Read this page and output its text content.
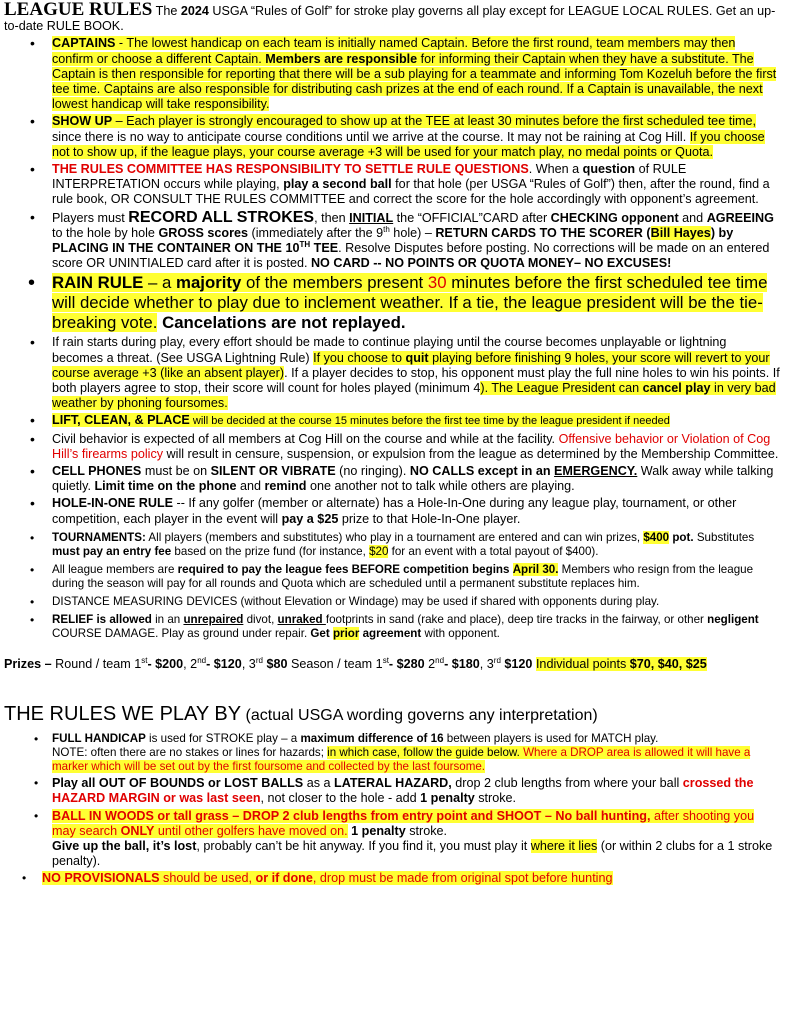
LEAGUE RULES The 2024 USGA “Rules of Golf” for stroke play governs all play except for LEAGUE LOCAL RULES. Get an up-to-date RULE BOOK.
• CAPTAINS - The lowest handicap on each team is initially named Captain. Before the first round, team members may then confirm or choose a different Captain. Members are responsible for informing their Captain when they have a substitute. The Captain is then responsible for reporting that there will be a sub playing for a teammate and informing Tom Kozeluh before the first tee time. Captains are also responsible for distributing cash prizes at the end of each round. If a Captain is unavailable, the next lowest handicap will take responsibility.
• SHOW UP – Each player is strongly encouraged to show up at the TEE at least 30 minutes before the first scheduled tee time, since there is no way to anticipate course conditions until we arrive at the course. It may not be raining at Cog Hill. If you choose not to show up, if the league plays, your course average +3 will be used for your match play, no medal points or Quota.
• THE RULES COMMITTEE HAS RESPONSIBILITY TO SETTLE RULE QUESTIONS. When a question of RULE INTERPRETATION occurs while playing, play a second ball for that hole (per USGA “Rules of Golf”) then, after the round, find a rule book, OR CONSULT THE RULES COMMITTEE and correct the score for the hole accordingly with opponent’s agreement.
• Players must RECORD ALL STROKES, then INITIAL the “OFFICIAL”CARD after CHECKING opponent and AGREEING to the hole by hole GROSS scores (immediately after the 9th hole) – RETURN CARDS TO THE SCORER (Bill Hayes) by PLACING IN THE CONTAINER ON THE 10TH TEE. Resolve Disputes before posting. No corrections will be made on an entered score OR UNINTIALED card after it is posted. NO CARD -- NO POINTS OR QUOTA MONEY– NO EXCUSES!
• RAIN RULE – a majority of the members present 30 minutes before the first scheduled tee time will decide whether to play due to inclement weather. If a tie, the league president will be the tie-breaking vote. Cancelations are not replayed.
• If rain starts during play, every effort should be made to continue playing until the course becomes unplayable or lightning becomes a threat. (See USGA Lightning Rule) If you choose to quit playing before finishing 9 holes, your score will revert to your course average +3 (like an absent player). If a player decides to stop, his opponent must play the full nine holes to win his points. If both players agree to stop, their score will count for holes played (minimum 4). The League President can cancel play in very bad weather by phoning foursomes.
• LIFT, CLEAN, & PLACE will be decided at the course 15 minutes before the first tee time by the league president if needed
• Civil behavior is expected of all members at Cog Hill on the course and while at the facility. Offensive behavior or Violation of Cog Hill’s firearms policy will result in censure, suspension, or expulsion from the league as determined by the Membership Committee.
• CELL PHONES must be on SILENT OR VIBRATE (no ringing). NO CALLS except in an EMERGENCY. Walk away while talking quietly. Limit time on the phone and remind one another not to talk while others are playing.
• HOLE-IN-ONE RULE -- If any golfer (member or alternate) has a Hole-In-One during any league play, tournament, or other competition, each player in the event will pay a $25 prize to that Hole-In-One player.
• TOURNAMENTS: All players (members and substitutes) who play in a tournament are entered and can win prizes, $400 pot. Substitutes must pay an entry fee based on the prize fund (for instance, $20 for an event with a total payout of $400).
• All league members are required to pay the league fees BEFORE competition begins April 30. Members who resign from the league during the season will pay for all rounds and Quota which are scheduled until a permanent substitute replaces him.
• DISTANCE MEASURING DEVICES (without Elevation or Windage) may be used if shared with opponents during play.
• RELIEF is allowed in an unrepaired divot, unraked footprints in sand (rake and place), deep tire tracks in the fairway, or other negligent COURSE DAMAGE. Play as ground under repair. Get prior agreement with opponent.
Prizes – Round / team 1st- $200, 2nd- $120, 3rd $80 Season / team 1st- $280 2nd- $180, 3rd $120 Individual points $70, $40, $25
THE RULES WE PLAY BY (actual USGA wording governs any interpretation)
• FULL HANDICAP is used for STROKE play – a maximum difference of 16 between players is used for MATCH play.
NOTE: often there are no stakes or lines for hazards; in which case, follow the guide below. Where a DROP area is allowed it will have a marker which will be set out by the first foursome and collected by the last foursome.
• Play all OUT OF BOUNDS or LOST BALLS as a LATERAL HAZARD, drop 2 club lengths from where your ball crossed the HAZARD MARGIN or was last seen, not closer to the hole - add 1 penalty stroke.
• BALL IN WOODS or tall grass – DROP 2 club lengths from entry point and SHOOT – No ball hunting, after shooting you may search ONLY until other golfers have moved on. 1 penalty stroke.
Give up the ball, it’s lost, probably can’t be hit anyway. If you find it, you must play it where it lies (or within 2 clubs for a 1 stroke penalty).
• NO PROVISIONALS should be used, or if done, drop must be made from original spot before hunting
